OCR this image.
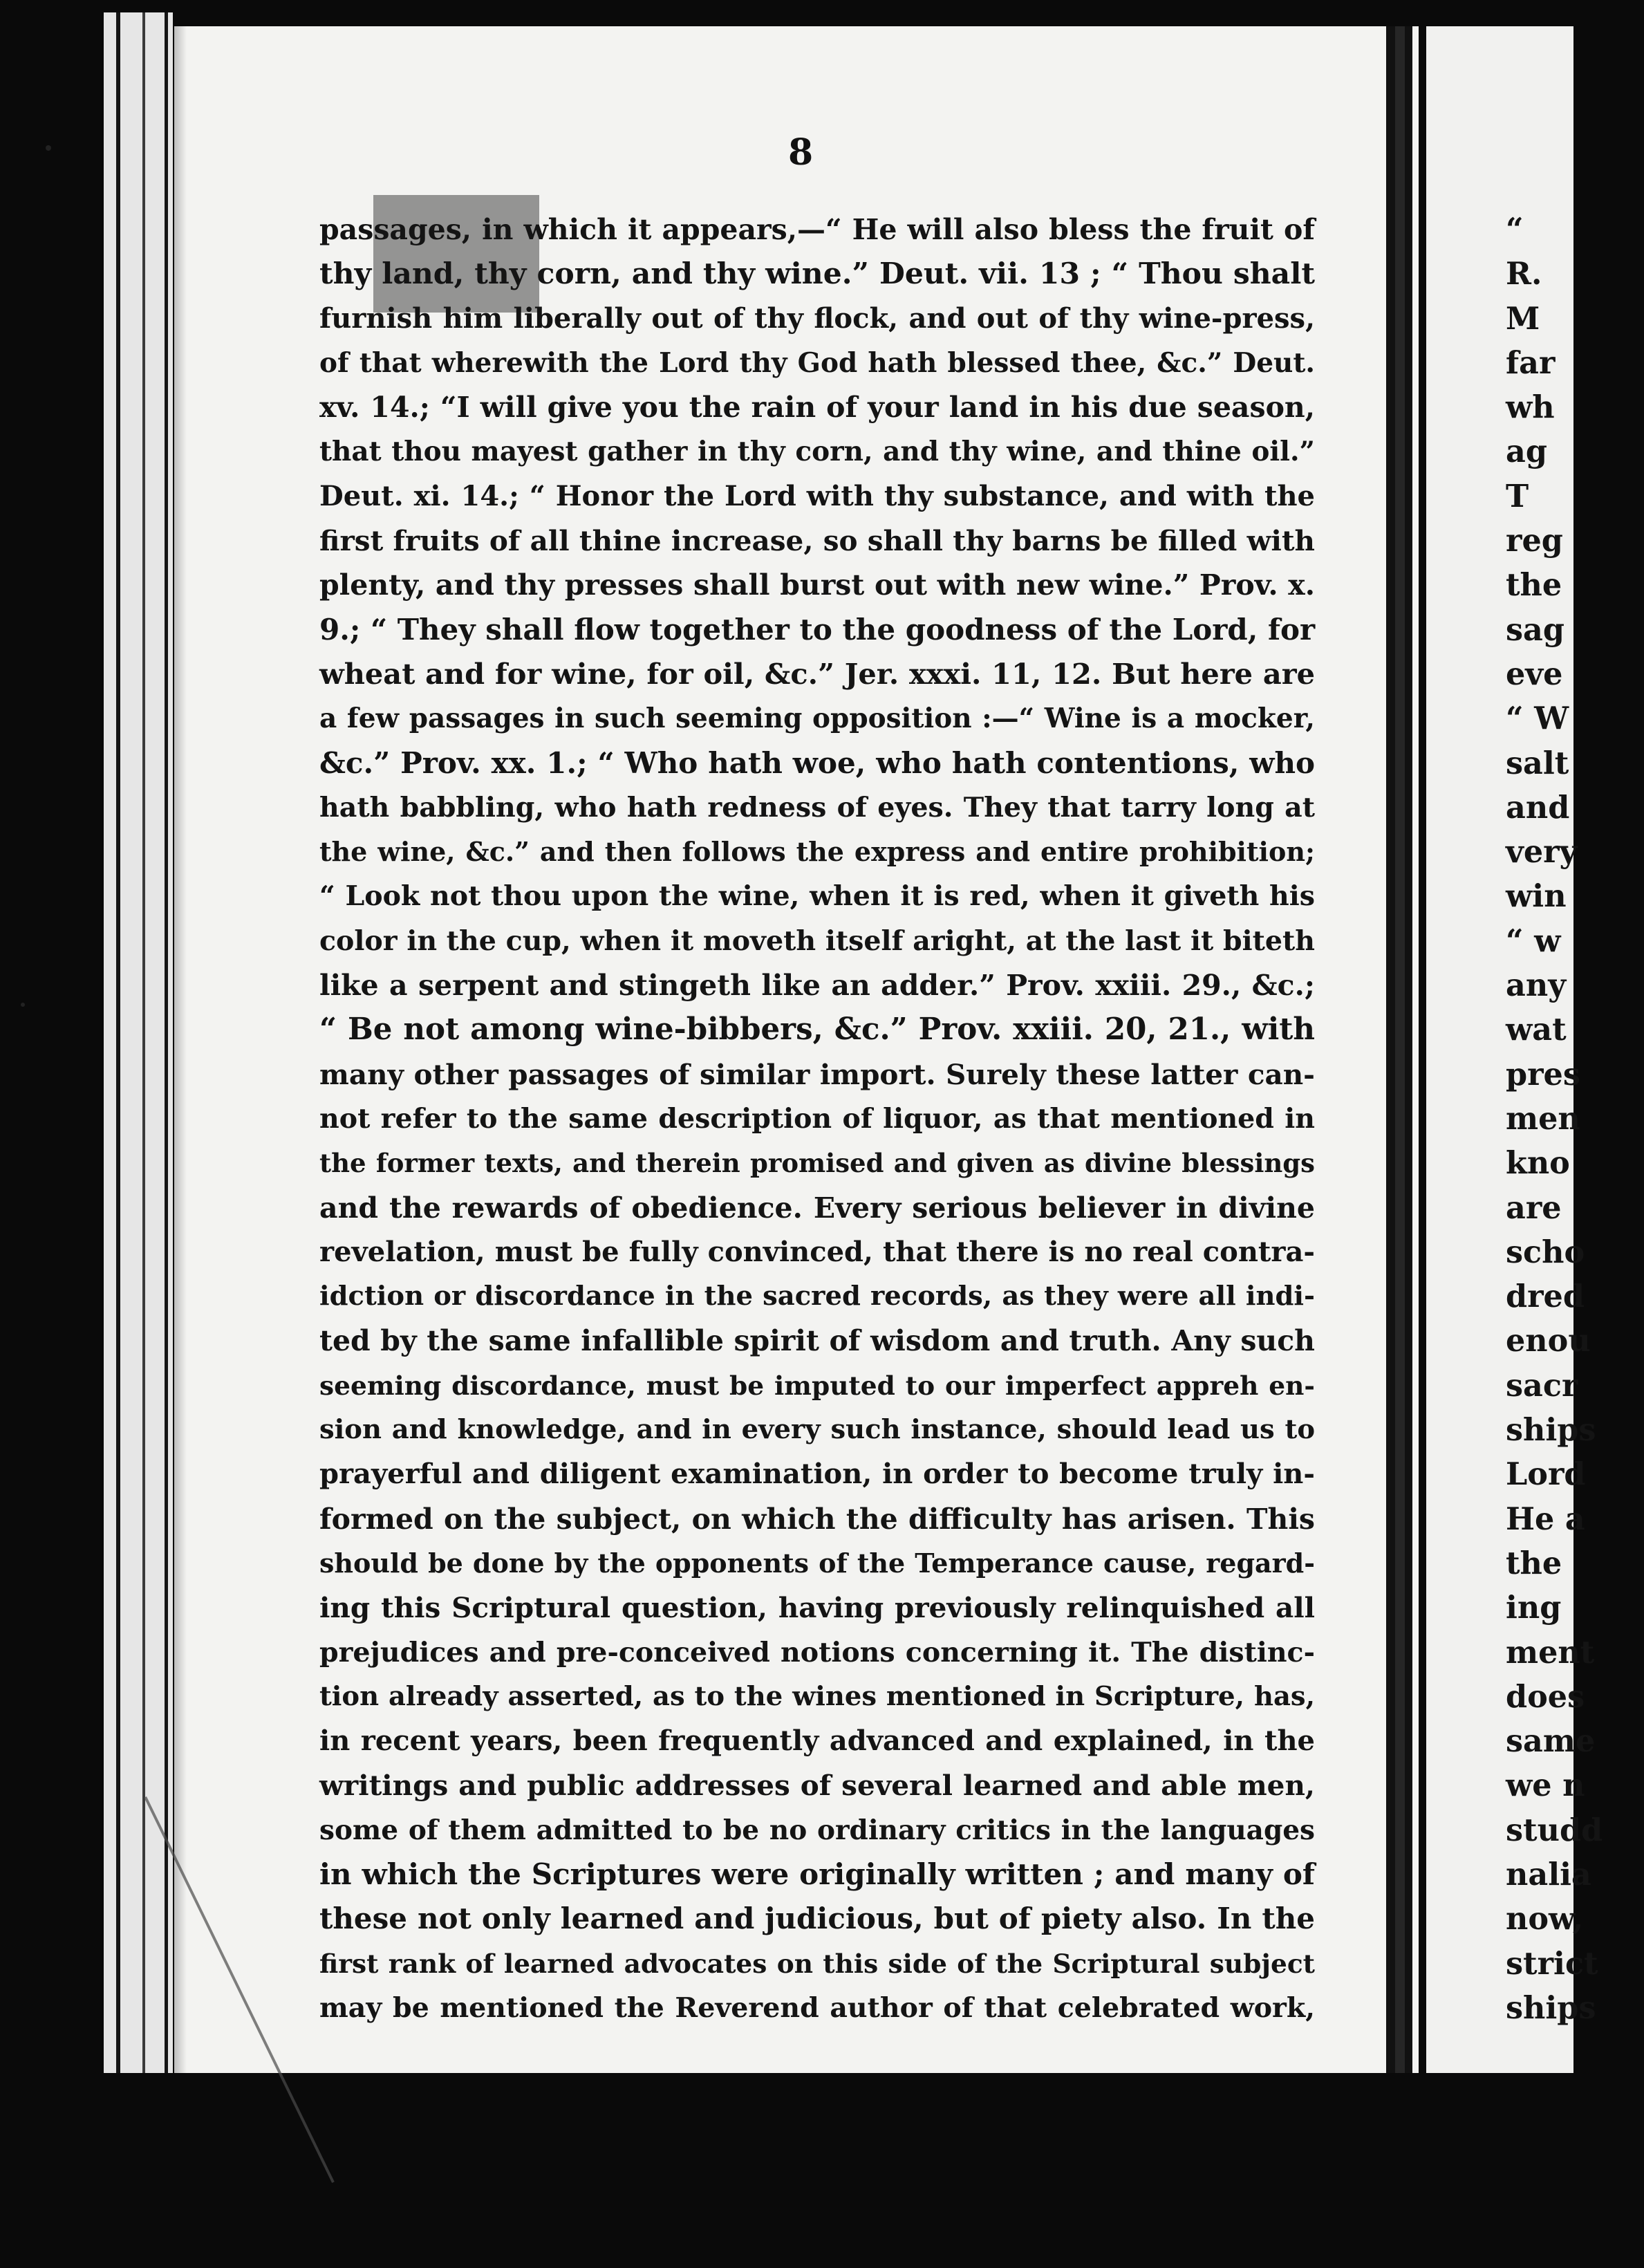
8
passages, in which it appears,—“ He will also bless the fruit of
thy land, thy corn, and thy wine.” Deut. vii. 13 ; “ Thou shalt
furnish him liberally out of thy flock, and out of thy wine-press,
of that wherewith the Lord thy God hath blessed thee, &c.” Deut.
xv. 14.; “I will give you the rain of your land in his due season,
that thou mayest gather in thy corn, and thy wine, and thine oil.”
Deut. xi. 14.; “ Honor the Lord with thy substance, and with the
first fruits of all thine increase, so shall thy barns be filled with
plenty, and thy presses shall burst out with new wine.” Prov. x.
9.; “ They shall flow together to the goodness of the Lord, for
wheat and for wine, for oil, &c.” Jer. xxxi. 11, 12. But here are
a few passages in such seeming opposition :—“ Wine is a mocker,
&c.” Prov. xx. 1.; “ Who hath woe, who hath contentions, who
hath babbling, who hath redness of eyes. They that tarry long at
the wine, &c.” and then follows the express and entire prohibition;
“ Look not thou upon the wine, when it is red, when it giveth his
color in the cup, when it moveth itself aright, at the last it biteth
like a serpent and stingeth like an adder.” Prov. xxiii. 29., &c.;
“ Be not among wine-bibbers, &c.” Prov. xxiii. 20, 21., with
many other passages of similar import. Surely these latter can-
not refer to the same description of liquor, as that mentioned in
the former texts, and therein promised and given as divine blessings
and the rewards of obedience. Every serious believer in divine
revelation, must be fully convinced, that there is no real contra-
idction or discordance in the sacred records, as they were all indi-
ted by the same infallible spirit of wisdom and truth. Any such
seeming discordance, must be imputed to our imperfect appreh en-
sion and knowledge, and in every such instance, should lead us to
prayerful and diligent examination, in order to become truly in-
formed on the subject, on which the difficulty has arisen. This
should be done by the opponents of the Temperance cause, regard-
ing this Scriptural question, having previously relinquished all
prejudices and pre-conceived notions concerning it. The distinc-
tion already asserted, as to the wines mentioned in Scripture, has,
in recent years, been frequently advanced and explained, in the
writings and public addresses of several learned and able men,
some of them admitted to be no ordinary critics in the languages
in which the Scriptures were originally written ; and many of
these not only learned and judicious, but of piety also. In the
first rank of learned advocates on this side of the Scriptural subject
may be mentioned the Reverend author of that celebrated work,
“
R.
M
far
wh
ag
T
reg
the
sag
eve
“ W
salt
and
very
win
“ w
any
wat
pres
men
kno
are
scho
dred
enou
sacr
ships
Lord
He a
the
ing
ment
does
same
we n
studd
nalia
now,
strict
ships
